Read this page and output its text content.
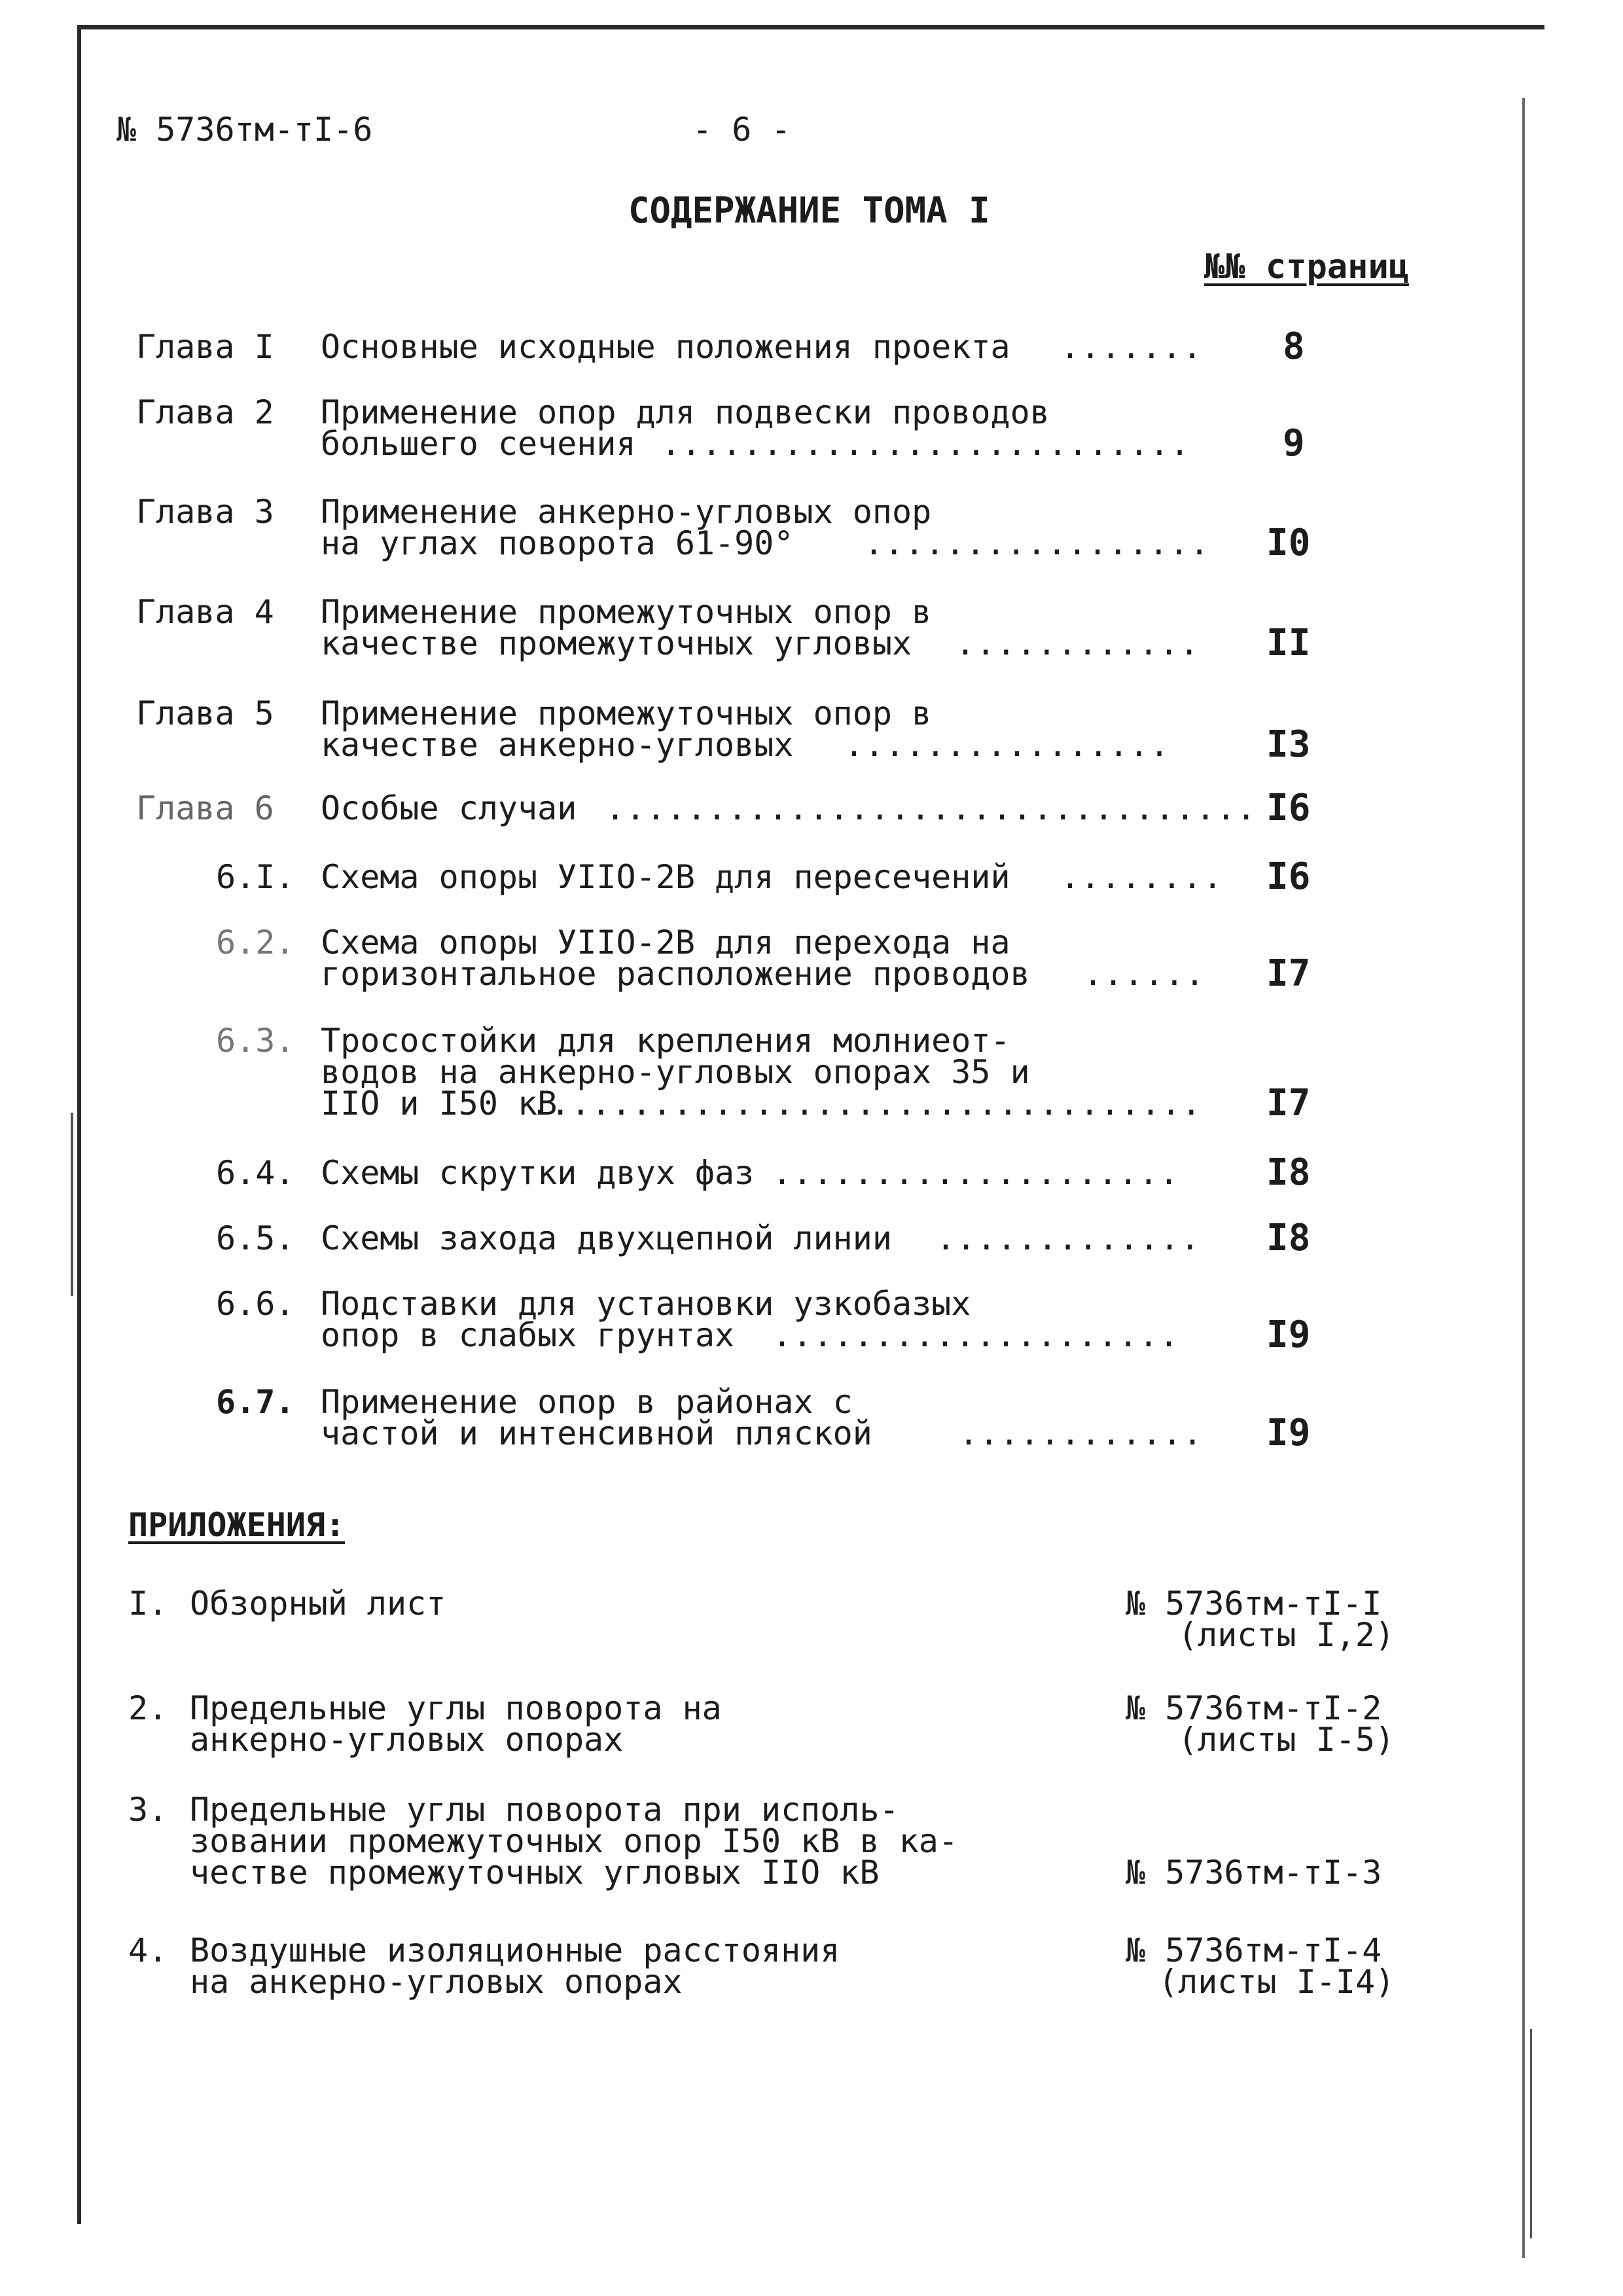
№ 5736тм-тI-6	- 6 -
СОДЕРЖАНИЕ ТОМА I
№№ страниц
Глава I Основные исходные положения проекта ....... 8
Глава 2 Применение опор для подвески проводов
большего сечения ..........................	9
Глава 3 Применение анкерно-угловых опор
на углах поворота 61-90° ................. I0
Глава 4 Применение промежуточных опор в
качестве промежуточных угловых ............ II
Глава 5 Применение промежуточных опор в
качестве анкерно-угловых ................	I3
Глава 6 Особые случаи ................................ I6
6.I. Схема опоры УIIО-2В для пересечений ........ I6
6.2. Схема опоры УIIО-2В для перехода на
горизонтальное расположение проводов ...... I7
6.3. Тросостойки для крепления молниеот-
водов на анкерно-угловых опорах 35 и
IIО и I50 кВ
................................. I7
6.4. Схемы скрутки двух фаз .................... I8
6.5. Схемы захода двухцепной линии ............. I8
6.6. Подставки для установки узкобазых
опор в слабых грунтах .................... I9
6.7. Применение опор в районах с
частой и интенсивной пляской	............ I9
ПРИЛОЖЕНИЯ:
I. Обзорный лист	№ 5736тм-тI-I
(листы I,2)
2. Предельные углы поворота на
анкерно-угловых опорах
№ 5736тм-тI-2
(листы I-5)
3. Предельные углы поворота при исполь-
зовании промежуточных опор I50 кВ в ка-
честве промежуточных угловых IIО кВ	№ 5736тм-тI-3
4. Воздушные изоляционные расстояния
на анкерно-угловых опорах
№ 5736тм-тI-4
(листы I-I4)
